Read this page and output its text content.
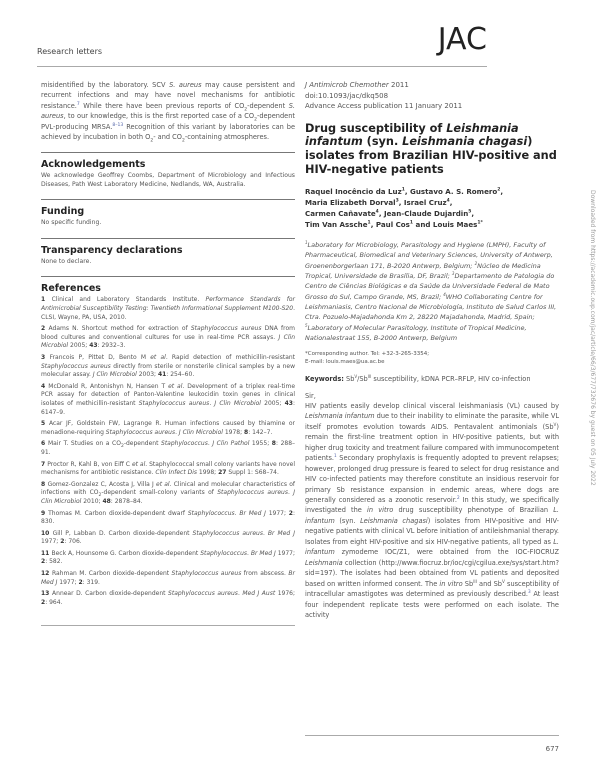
Research letters	JAC

misidentified by the laboratory. SCV S. aureus may cause persistent and recurrent infections and may have novel mechanisms for antibiotic resistance.$^7$ While there have been previous reports of $CO_2$-dependent S. aureus, to our knowledge, this is the first reported case of a $CO_2$-dependent PVL-producing MRSA.$^{8-13}$ Recognition of this variant by laboratories can be achieved by incubation in both $O_2-$ and $CO_2$-containing atmospheres.

Acknowledgements
We acknowledge Geoffrey Coombs, Department of Microbiology and Infectious Diseases, Path West Laboratory Medicine, Nedlands, WA, Australia.
Funding
No specific funding.
Transparency declarations
None to declare.
References

1 Clinical and Laboratory Standards Institute. Performance Standards for Antimicrobial Susceptibility Testing: Twentieth Informational Supplement M100-S20. CLSI, Wayne, PA, USA, 2010.

2 Adams N. Shortcut method for extraction of Staphylococcus aureus DNA from blood cultures and conventional cultures for use in real-time PCR assays. J Clin Microbiol 2005; 43: 2932–3.

3 Francois P, Pittet D, Bento M et al. Rapid detection of methicillin-resistant Staphylococcus aureus directly from sterile or nonsterile clinical samples by a new molecular assay. J Clin Microbiol 2003; 41: 254–60.

4 McDonald R, Antonishyn N, Hansen T et al. Development of a triplex real-time PCR assay for detection of Panton-Valentine leukocidin toxin genes in clinical isolates of methicillin-resistant Staphylococcus aureus. J Clin Microbiol 2005; 43: 6147–9.

5 Acar JF, Goldstein FW, Lagrange R. Human infections caused by thiamine or menadione-requiring Staphylococcus aureus. J Clin Microbiol 1978; 8: 142–7.

6 Mair T. Studies on a $CO_2$-dependent Staphylococcus. J Clin Pathol 1955; 8: 288–91.

7 Proctor R, Kahl B, von Eiff C et al. Staphylococcal small colony variants have novel mechanisms for antibiotic resistance. Clin Infect Dis 1998; 27 Suppl 1: S68–74.

8 Gomez-Gonzalez C, Acosta J, Villa J et al. Clinical and molecular characteristics of infections with $CO_2$-dependent small-colony variants of Staphylococcus aureus. J Clin Microbiol 2010; 48: 2878–84.

9 Thomas M. Carbon dioxide-dependent dwarf Staphylococcus. Br Med J 1977; 2: 830.

10 Gill P, Labban D. Carbon dioxide-dependent Staphylococcus aureus. Br Med J 1977; 2: 706.

11 Beck A, Hounsome G. Carbon dioxide-dependent Staphylococcus. Br Med J 1977; 2: 582.

12 Rahman M. Carbon dioxide-dependent Staphylococcus aureus from abscess. Br Med J 1977; 2: 319.

13 Annear D. Carbon dioxide-dependent Staphylococcus aureus. Med J Aust 1976; 2: 964.

J Antimicrob Chemother 2011
doi:10.1093/jac/dkq508
Advance Access publication 11 January 2011
Drug susceptibility of Leishmania infantum (syn. Leishmania chagasi) isolates from Brazilian HIV-positive and HIV-negative patients
Raquel Inocêncio da Luz$^1$, Gustavo A. S. Romero$^2$,
Maria Elizabeth Dorval$^3$, Israel Cruz$^4$,
Carmen Cañavate$^4$, Jean-Claude Dujardin$^5$,
Tim Van Assche$^1$, Paul Cos$^1$ and Louis Maes$^{1*}$
$^1$Laboratory for Microbiology, Parasitology and Hygiene (LMPH), Faculty of Pharmaceutical, Biomedical and Veterinary Sciences, University of Antwerp, Groenenborgerlaan 171, B-2020 Antwerp, Belgium; $^2$Núcleo de Medicina Tropical, Universidade de Brasília, DF, Brazil; $^3$Departamento de Patologia do Centro de Ciências Biológicas e da Saúde da Universidade Federal de Mato Grosso do Sul, Campo Grande, MS, Brazil; $^4$WHO Collaborating Centre for Leishmaniasis, Centro Nacional de Microbiología, Instituto de Salud Carlos III, Ctra. Pozuelo-Majadahonda Km 2, 28220 Majadahonda, Madrid, Spain; $^5$Laboratory of Molecular Parasitology, Institute of Tropical Medicine, Nationalestraat 155, B-2000 Antwerp, Belgium
*Corresponding author. Tel: +32-3-265-3354;
E-mail: louis.maes@ua.ac.be
Keywords: $Sb^V/Sb^{III}$ susceptibility, kDNA PCR–RFLP, HIV co-infection
Sir,

HIV patients easily develop clinical visceral leishmaniasis (VL) caused by Leishmania infantum due to their inability to eliminate the parasite, while VL itself promotes evolution towards AIDS. Pentavalent antimonials $(Sb^V)$ remain the first-line treatment option in HIV-positive patients, but with higher drug toxicity and treatment failure compared with immunocompetent patients.$^1$ Secondary prophylaxis is frequently adopted to prevent relapses; however, prolonged drug pressure is feared to select for drug resistance and HIV co-infected patients may therefore constitute an insidious reservoir for primary Sb resistance expansion in endemic areas, where dogs are generally considered as a zoonotic reservoir.$^2$ In this study, we specifically investigated the in vitro drug susceptibility phenotype of Brazilian L. infantum (syn. Leishmania chagasi) isolates from HIV-positive and HIV-negative patients with clinical VL before initiation of antileishmanial therapy. Isolates from eight HIV-positive and six HIV-negative patients, all typed as L. infantum zymodeme IOC/Z1, were obtained from the IOC-FIOCRUZ Leishmania collection (http://www.fiocruz.br/ioc/cgi/cgilua.exe/sys/start.htm?sid=197). The isolates had been obtained from VL patients and deposited based on written informed consent. The in vitro $Sb^{III}$ and $Sb^V$ susceptibility of intracellular amastigotes was determined as previously described.$^3$ At least four independent replicate tests were performed on each isolate. The activity

677
Downloaded from https://academic.oup.com/jac/article/66/3/677/732676 by guest on 05 July 2022
